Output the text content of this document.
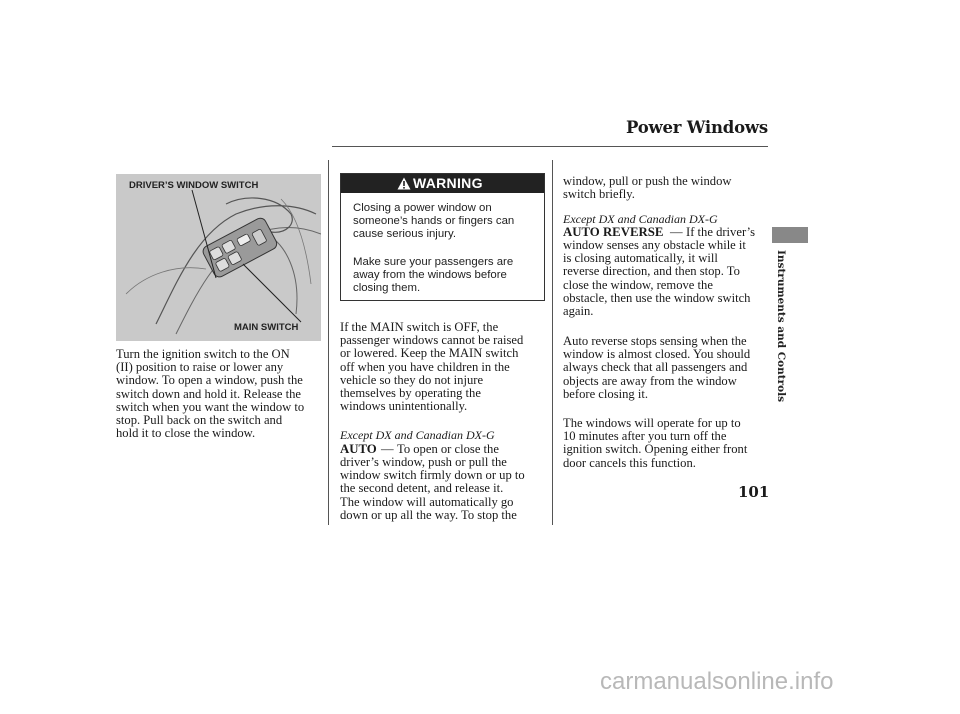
Power Windows
DRIVER’S WINDOW SWITCH
MAIN SWITCH

Turn the ignition switch to the ON

(II) position to raise or lower any

window. To open a window, push the

switch down and hold it. Release the

switch when you want the window to

stop. Pull back on the switch and

hold it to close the window.

WARNING

Closing a power window on

someone’s hands or fingers can

cause serious injury.

Make sure your passengers are

away from the windows before

closing them.

If the MAIN switch is OFF, the

passenger windows cannot be raised

or lowered. Keep the MAIN switch

off when you have children in the

vehicle so they do not injure

themselves by operating the

windows unintentionally.

Except DX and Canadian DX-G
AUTO — To open or close the

driver’s window, push or pull the

window switch firmly down or up to

the second detent, and release it.

The window will automatically go

down or up all the way. To stop the

window, pull or push the window

switch briefly.

Except DX and Canadian DX-G
AUTO REVERSE — If the driver’s

window senses any obstacle while it

is closing automatically, it will

reverse direction, and then stop. To

close the window, remove the

obstacle, then use the window switch

again.

Auto reverse stops sensing when the

window is almost closed. You should

always check that all passengers and

objects are away from the window

before closing it.

The windows will operate for up to

10 minutes after you turn off the

ignition switch. Opening either front

door cancels this function.

Instruments and Controls
101
carmanualsonline.info
